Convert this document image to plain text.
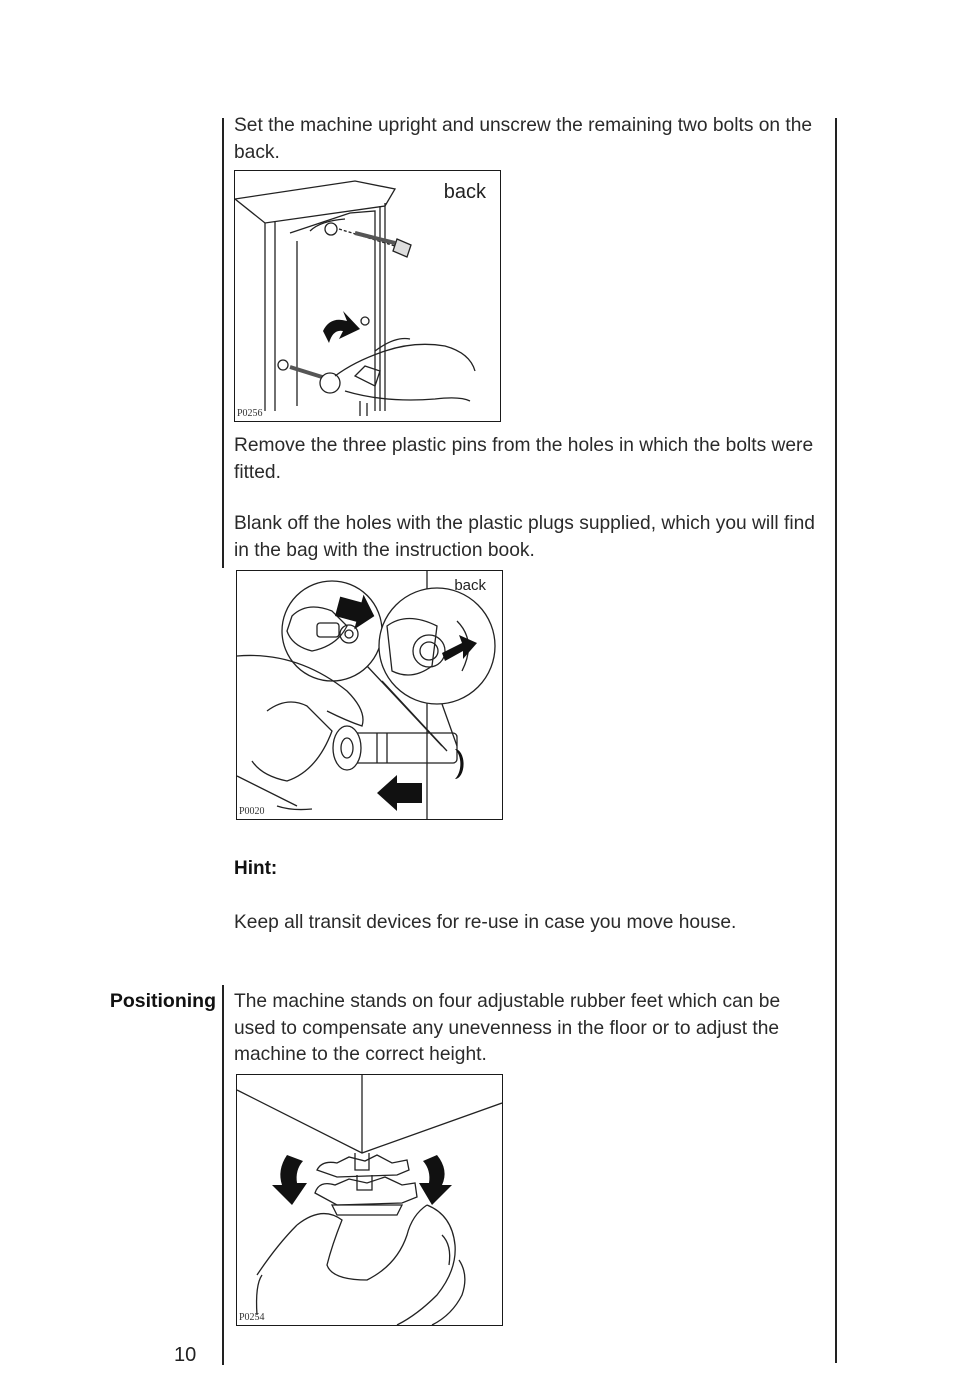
Set the machine upright and unscrew the remaining two bolts on the back.

back
P0256

Remove the three plastic pins from the holes in which the bolts were fitted.

Blank off the holes with the plastic plugs supplied, which you will find in the bag with the instruction book.

back
P0020

Hint:

Keep all transit devices for re-use in case you move house.

Positioning The machine stands on four adjustable rubber feet which can be used to compensate any unevenness in the floor or to adjust the machine to the correct height.

P0254
10
